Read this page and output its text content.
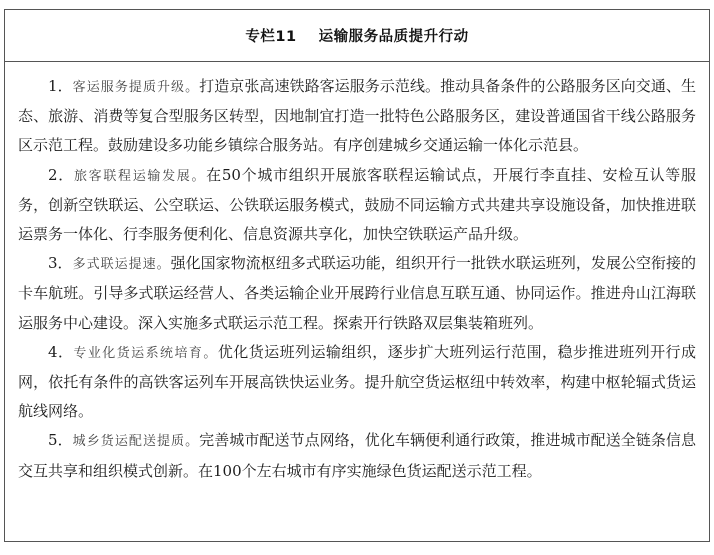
专栏11 运输服务品质提升行动

1．客运服务提质升级。打造京张高速铁路客运服务示范线。推动具备条件的公路服务区向交通、生态、旅游、消费等复合型服务区转型，因地制宜打造一批特色公路服务区，建设普通国省干线公路服务区示范工程。鼓励建设多功能乡镇综合服务站。有序创建城乡交通运输一体化示范县。

2．旅客联程运输发展。在50个城市组织开展旅客联程运输试点，开展行李直挂、安检互认等服务，创新空铁联运、公空联运、公铁联运服务模式，鼓励不同运输方式共建共享设施设备，加快推进联运票务一体化、行李服务便利化、信息资源共享化，加快空铁联运产品升级。

3．多式联运提速。强化国家物流枢纽多式联运功能，组织开行一批铁水联运班列，发展公空衔接的卡车航班。引导多式联运经营人、各类运输企业开展跨行业信息互联互通、协同运作。推进舟山江海联运服务中心建设。深入实施多式联运示范工程。探索开行铁路双层集装箱班列。

4．专业化货运系统培育。优化货运班列运输组织，逐步扩大班列运行范围，稳步推进班列开行成网，依托有条件的高铁客运列车开展高铁快运业务。提升航空货运枢纽中转效率，构建中枢轮辐式货运航线网络。

5．城乡货运配送提质。完善城市配送节点网络，优化车辆便利通行政策，推进城市配送全链条信息交互共享和组织模式创新。在100个左右城市有序实施绿色货运配送示范工程。
